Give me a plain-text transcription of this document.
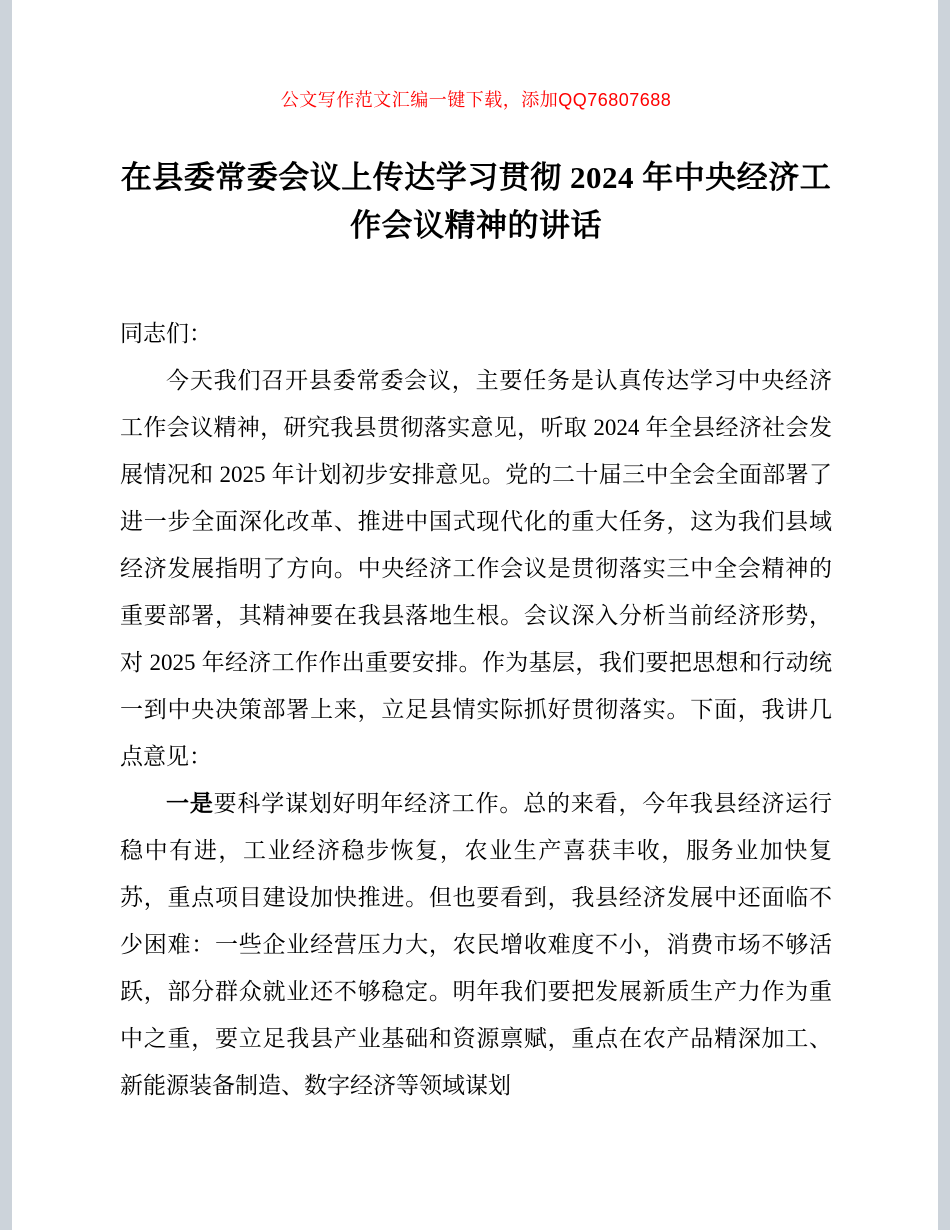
公文写作范文汇编一键下载，添加QQ76807688
在县委常委会议上传达学习贯彻 2024 年中央经济工作会议精神的讲话

同志们：

今天我们召开县委常委会议，主要任务是认真传达学习中央经济工作会议精神，研究我县贯彻落实意见，听取 2024 年全县经济社会发展情况和 2025 年计划初步安排意见。党的二十届三中全会全面部署了进一步全面深化改革、推进中国式现代化的重大任务，这为我们县域经济发展指明了方向。中央经济工作会议是贯彻落实三中全会精神的重要部署，其精神要在我县落地生根。会议深入分析当前经济形势，对 2025 年经济工作作出重要安排。作为基层，我们要把思想和行动统一到中央决策部署上来，立足县情实际抓好贯彻落实。下面，我讲几点意见：

一是要科学谋划好明年经济工作。总的来看，今年我县经济运行稳中有进，工业经济稳步恢复，农业生产喜获丰收，服务业加快复苏，重点项目建设加快推进。但也要看到，我县经济发展中还面临不少困难：一些企业经营压力大，农民增收难度不小，消费市场不够活跃，部分群众就业还不够稳定。明年我们要把发展新质生产力作为重中之重，要立足我县产业基础和资源禀赋，重点在农产品精深加工、新能源装备制造、数字经济等领域谋划
